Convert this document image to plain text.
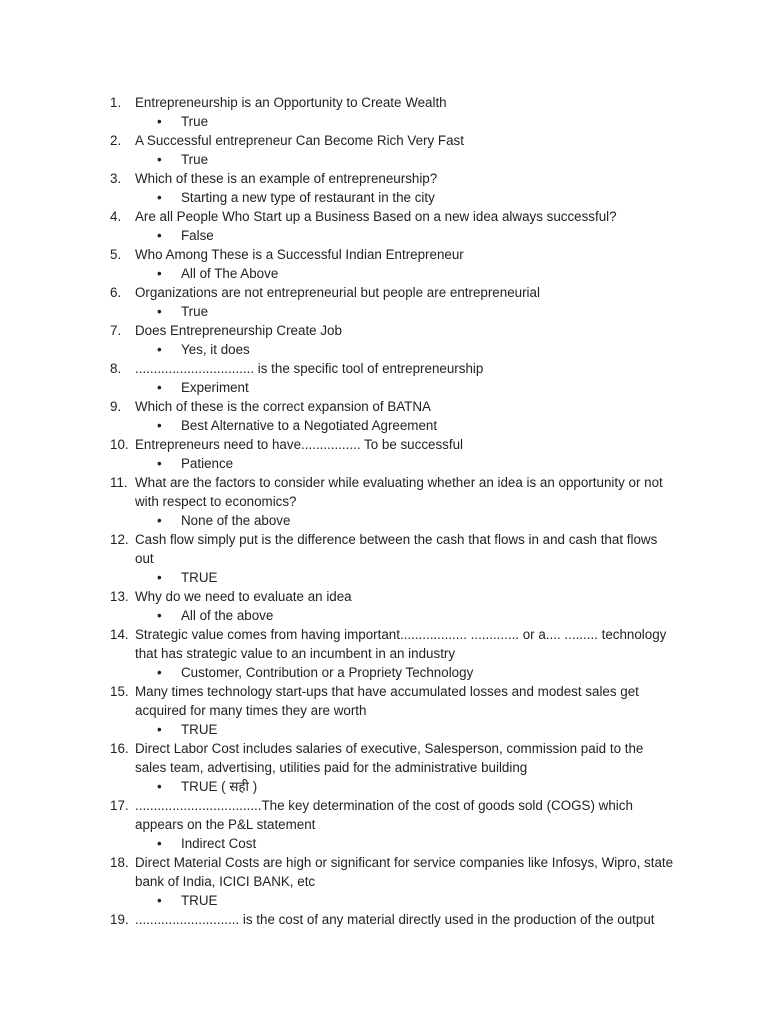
1.	Entrepreneurship is an Opportunity to Create Wealth
•	True
2.	A Successful entrepreneur Can Become Rich Very Fast
•	True
3.	Which of these is an example of entrepreneurship?
•	Starting a new type of restaurant in the city
4.	Are all People Who Start up a Business Based on a new idea always successful?
•	False
5.	Who Among These is a Successful Indian Entrepreneur
•	All of The Above
6.	Organizations are not entrepreneurial but people are entrepreneurial
•	True
7.	Does Entrepreneurship Create Job
•	Yes, it does
8.	................................ is the specific tool of entrepreneurship
•	Experiment
9.	Which of these is the correct expansion of BATNA
•	Best Alternative to a Negotiated Agreement
10. Entrepreneurs need to have................ To be successful
•	Patience
11. What are the factors to consider while evaluating whether an idea is an opportunity or not with respect to economics?
•	None of the above
12. Cash flow simply put is the difference between the cash that flows in and cash that flows out
•	TRUE
13. Why do we need to evaluate an idea
•	All of the above
14. Strategic value comes from having important.................. ............. or a.... ......... technology that has strategic value to an incumbent in an industry
•	Customer, Contribution or a Propriety Technology
15. Many times technology start-ups that have accumulated losses and modest sales get acquired for many times they are worth
•	TRUE
16. Direct Labor Cost includes salaries of executive, Salesperson, commission paid to the sales team, advertising, utilities paid for the administrative building
•	TRUE ( सही )
17. ..................................The key determination of the cost of goods sold (COGS) which appears on the P&L statement
•	Indirect Cost
18. Direct Material Costs are high or significant for service companies like Infosys, Wipro, state bank of India, ICICI BANK, etc
•	TRUE
19. ............................ is the cost of any material directly used in the production of the output
